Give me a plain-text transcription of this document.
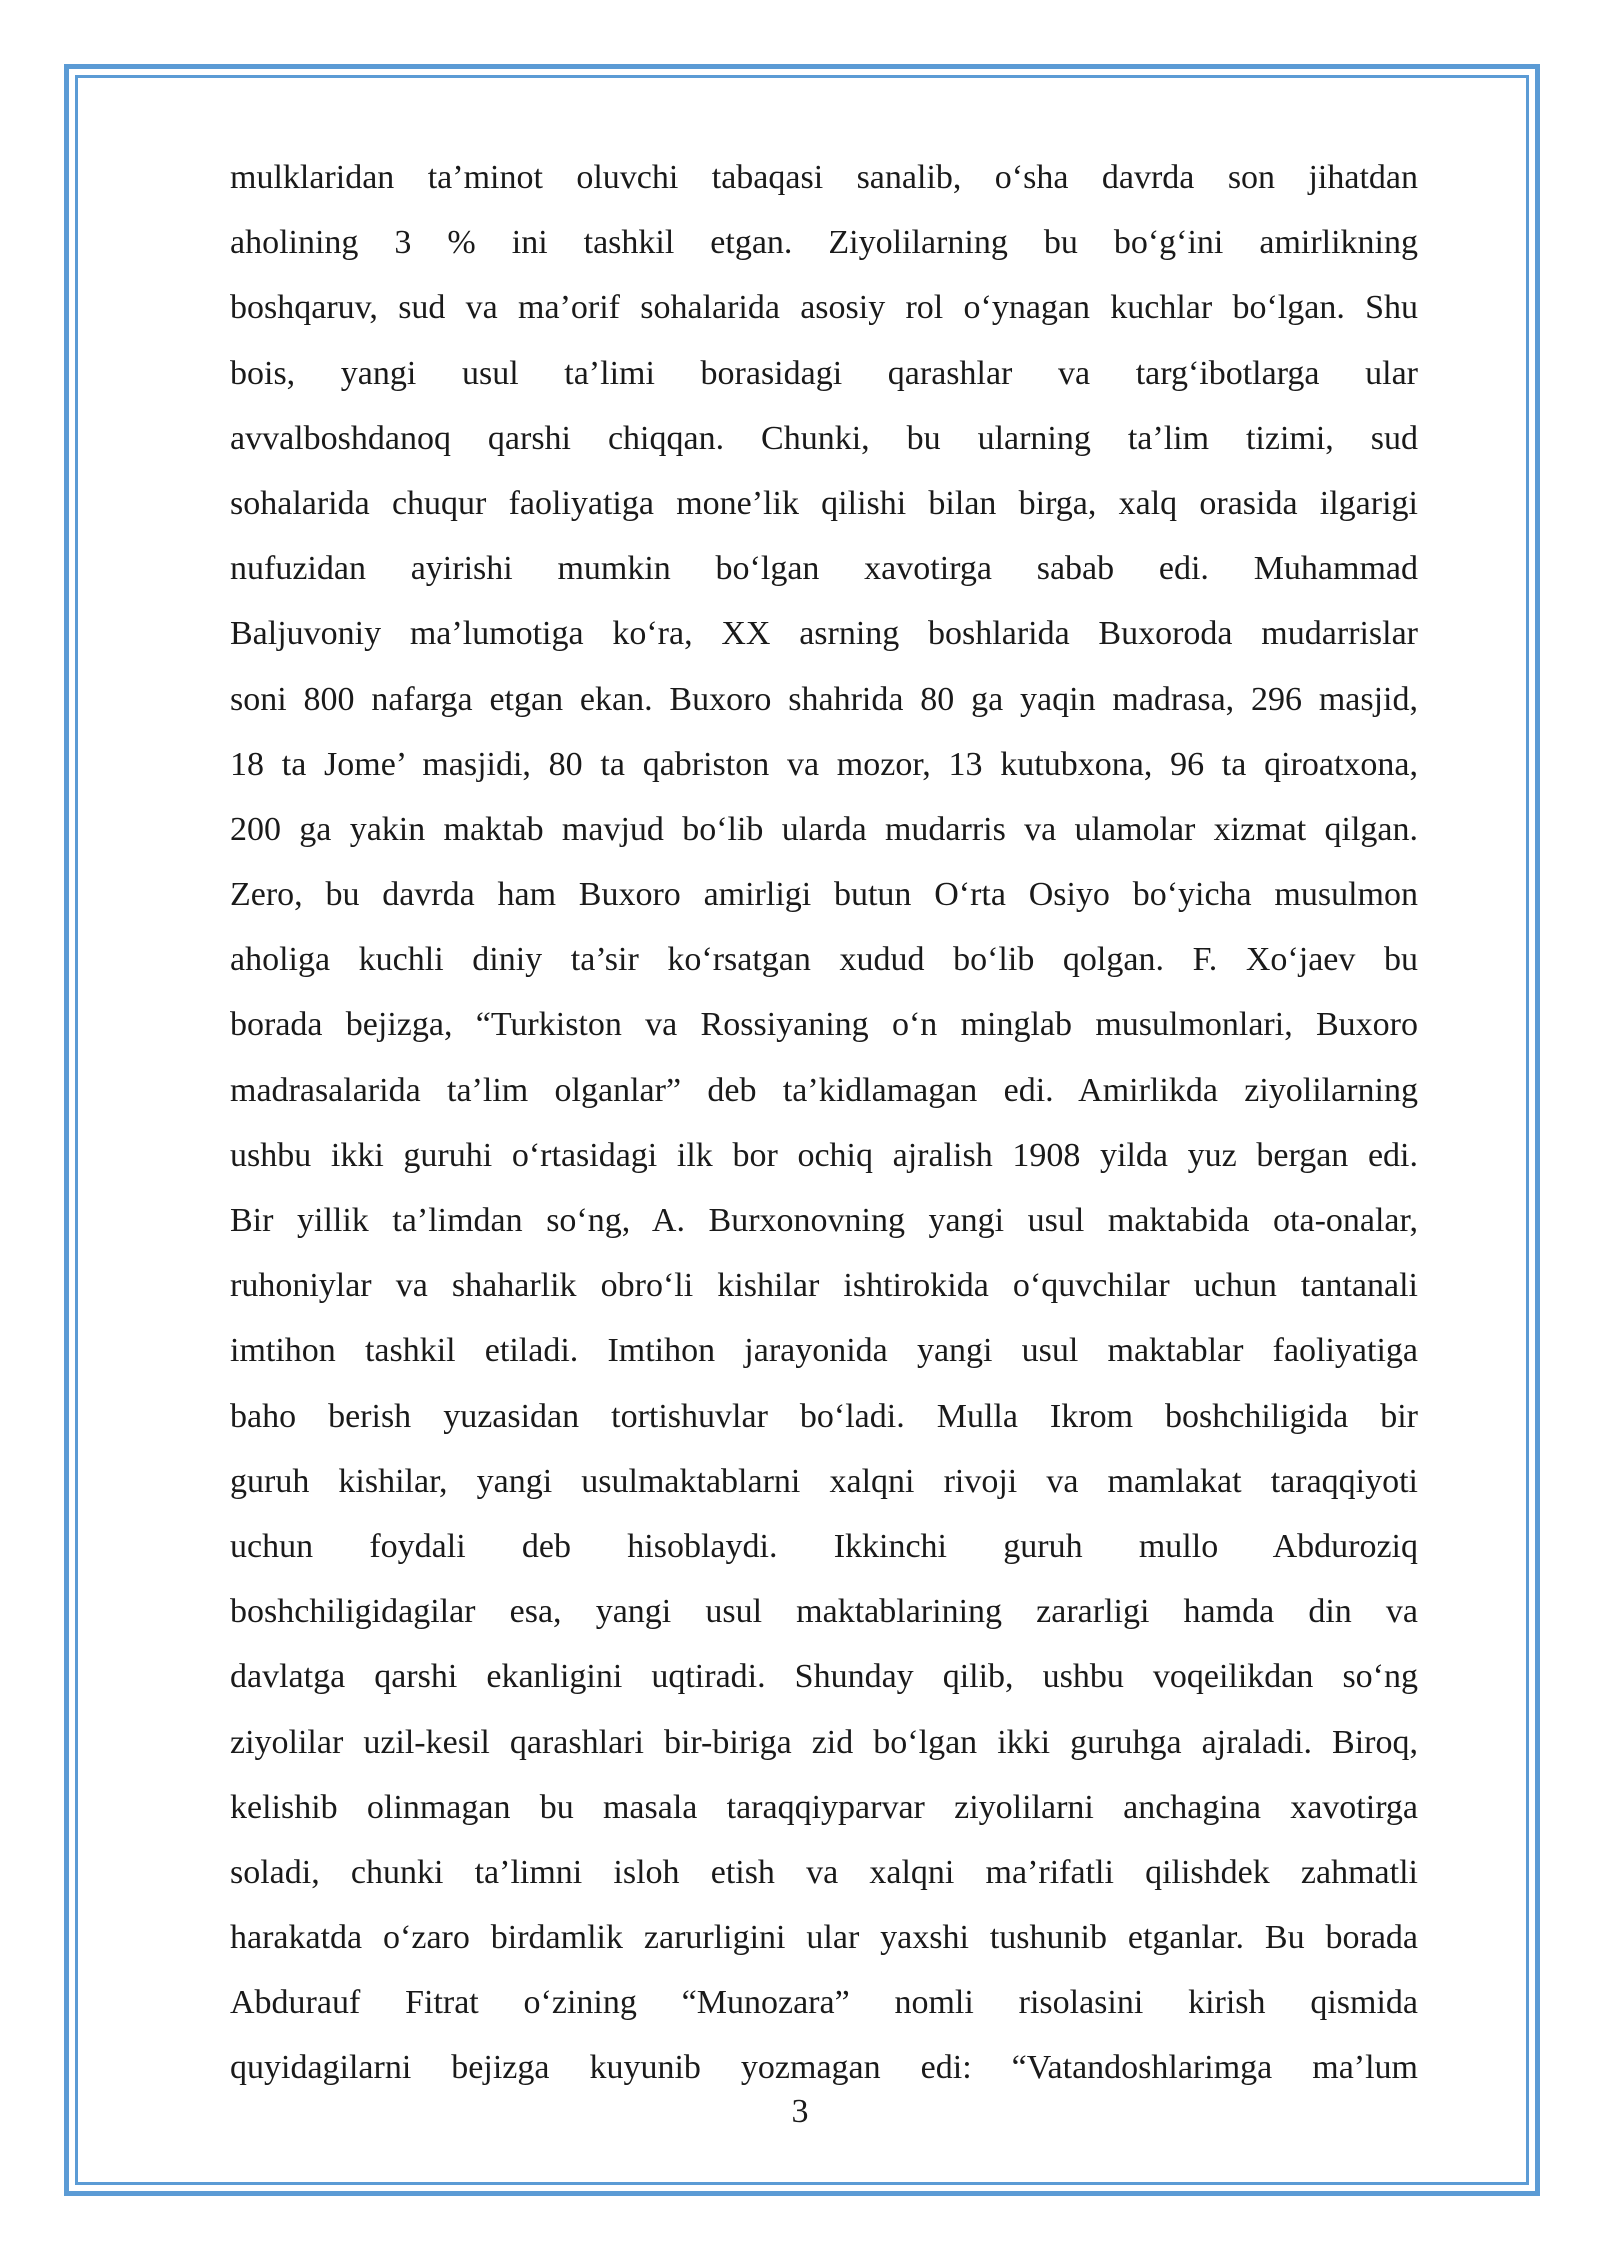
mulklaridan ta’minot oluvchi tabaqasi sanalib, o‘sha davrda son jihatdan
aholining 3 % ini tashkil etgan. Ziyolilarning bu bo‘g‘ini amirlikning
boshqaruv, sud va ma’orif sohalarida asosiy rol o‘ynagan kuchlar bo‘lgan. Shu
bois, yangi usul ta’limi borasidagi qarashlar va targ‘ibotlarga ular
avvalboshdanoq qarshi chiqqan. Chunki, bu ularning ta’lim tizimi, sud
sohalarida chuqur faoliyatiga mone’lik qilishi bilan birga, xalq orasida ilgarigi
nufuzidan ayirishi mumkin bo‘lgan xavotirga sabab edi. Muhammad
Baljuvoniy ma’lumotiga ko‘ra, XX asrning boshlarida Buxoroda mudarrislar
soni 800 nafarga etgan ekan. Buxoro shahrida 80 ga yaqin madrasa, 296 masjid,
18 ta Jome’ masjidi, 80 ta qabriston va mozor, 13 kutubxona, 96 ta qiroatxona,
200 ga yakin maktab mavjud bo‘lib ularda mudarris va ulamolar xizmat qilgan.
Zero, bu davrda ham Buxoro amirligi butun O‘rta Osiyo bo‘yicha musulmon
aholiga kuchli diniy ta’sir ko‘rsatgan xudud bo‘lib qolgan. F. Xo‘jaev bu
borada bejizga, “Turkiston va Rossiyaning o‘n minglab musulmonlari, Buxoro
madrasalarida ta’lim olganlar” deb ta’kidlamagan edi. Amirlikda ziyolilarning
ushbu ikki guruhi o‘rtasidagi ilk bor ochiq ajralish 1908 yilda yuz bergan edi.
Bir yillik ta’limdan so‘ng, A. Burxonovning yangi usul maktabida ota-onalar,
ruhoniylar va shaharlik obro‘li kishilar ishtirokida o‘quvchilar uchun tantanali
imtihon tashkil etiladi. Imtihon jarayonida yangi usul maktablar faoliyatiga
baho berish yuzasidan tortishuvlar bo‘ladi. Mulla Ikrom boshchiligida bir
guruh kishilar, yangi usulmaktablarni xalqni rivoji va mamlakat taraqqiyoti
uchun foydali deb hisoblaydi. Ikkinchi guruh mullo Abduroziq
boshchiligidagilar esa, yangi usul maktablarining zararligi hamda din va
davlatga qarshi ekanligini uqtiradi. Shunday qilib, ushbu voqeilikdan so‘ng
ziyolilar uzil-kesil qarashlari bir-biriga zid bo‘lgan ikki guruhga ajraladi. Biroq,
kelishib olinmagan bu masala taraqqiyparvar ziyolilarni anchagina xavotirga
soladi, chunki ta’limni isloh etish va xalqni ma’rifatli qilishdek zahmatli
harakatda o‘zaro birdamlik zarurligini ular yaxshi tushunib etganlar. Bu borada
Abdurauf Fitrat o‘zining “Munozara” nomli risolasini kirish qismida
quyidagilarni bejizga kuyunib yozmagan edi: “Vatandoshlarimga ma’lum
3
